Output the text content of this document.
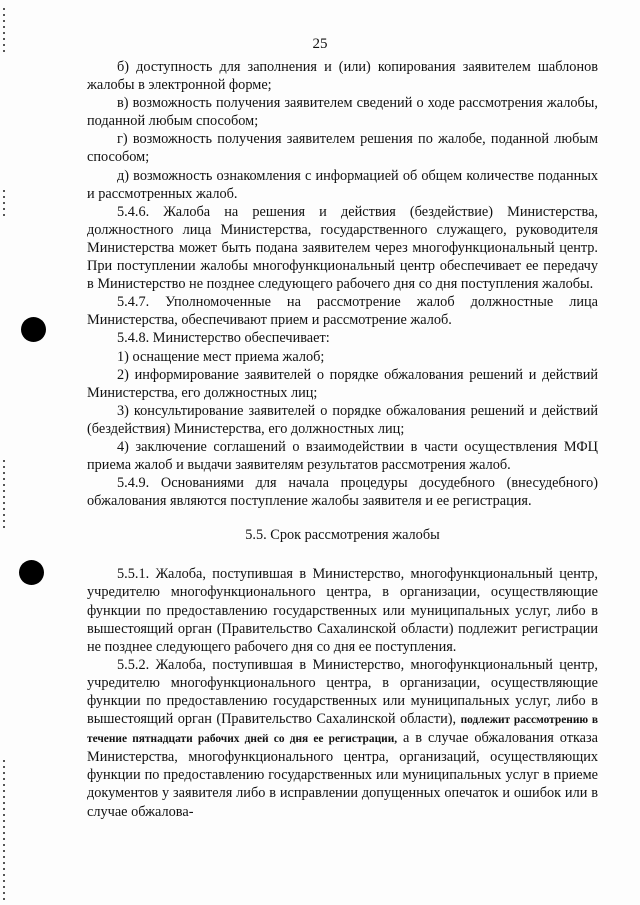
25

б) доступность для заполнения и (или) копирования заявителем шаблонов жалобы в электронной форме;

в) возможность получения заявителем сведений о ходе рассмотрения жалобы, поданной любым способом;

г) возможность получения заявителем решения по жалобе, поданной любым способом;

д) возможность ознакомления с информацией об общем количестве поданных и рассмотренных жалоб.

5.4.6. Жалоба на решения и действия (бездействие) Министерства, должностного лица Министерства, государственного служащего, руководителя Министерства может быть подана заявителем через многофункциональный центр. При поступлении жалобы многофункциональный центр обеспечивает ее передачу в Министерство не позднее следующего рабочего дня со дня поступления жалобы.

5.4.7. Уполномоченные на рассмотрение жалоб должностные лица Министерства, обеспечивают прием и рассмотрение жалоб.

5.4.8. Министерство обеспечивает:

1) оснащение мест приема жалоб;

2) информирование заявителей о порядке обжалования решений и действий Министерства, его должностных лиц;

3) консультирование заявителей о порядке обжалования решений и действий (бездействия) Министерства, его должностных лиц;

4) заключение соглашений о взаимодействии в части осуществления МФЦ приема жалоб и выдачи заявителям результатов рассмотрения жалоб.

5.4.9. Основаниями для начала процедуры досудебного (внесудебного) обжалования являются поступление жалобы заявителя и ее регистрация.

5.5. Срок рассмотрения жалобы

5.5.1. Жалоба, поступившая в Министерство, многофункциональный центр, учредителю многофункционального центра, в организации, осуществляющие функции по предоставлению государственных или муниципальных услуг, либо в вышестоящий орган (Правительство Сахалинской области) подлежит регистрации не позднее следующего рабочего дня со дня ее поступления.

5.5.2. Жалоба, поступившая в Министерство, многофункциональный центр, учредителю многофункционального центра, в организации, осуществляющие функции по предоставлению государственных или муниципальных услуг, либо в вышестоящий орган (Правительство Сахалинской области), подлежит рассмотрению в течение пятнадцати рабочих дней со дня ее регистрации, а в случае обжалования отказа Министерства, многофункционального центра, организаций, осуществляющих функции по предоставлению государственных или муниципальных услуг в приеме документов у заявителя либо в исправлении допущенных опечаток и ошибок или в случае обжалова-
